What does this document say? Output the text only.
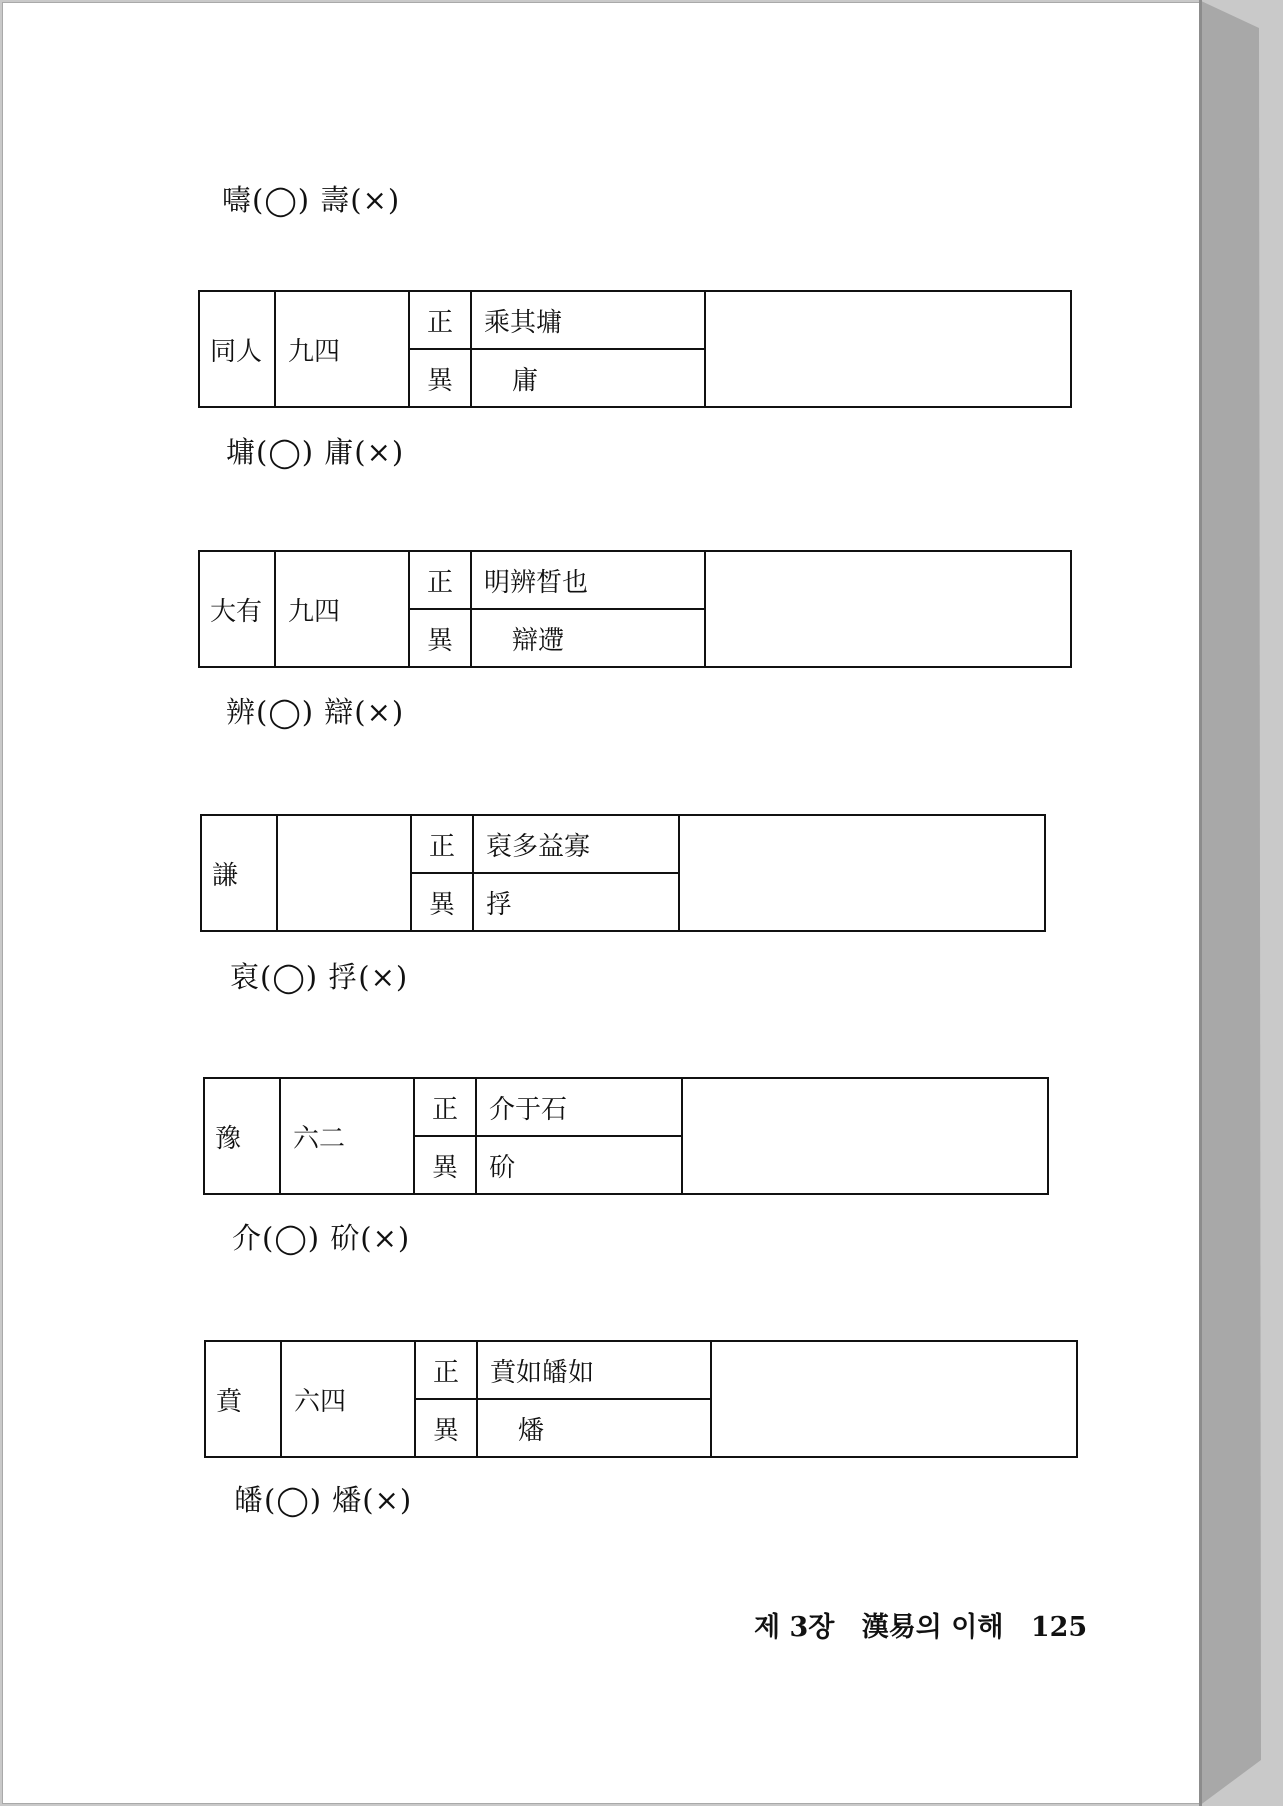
嚋(◯) 壽(×)
同人	九四	正	乘其墉	
		異	庸	
墉(◯) 庸(×)
大有	九四	正	明辨晳也	
		異	辯遰	
辨(◯) 辯(×)
謙		正	裒多益寡	
		異	捊	
裒(◯) 捊(×)
豫	六二	正	介于石	
		異	砎	
介(◯) 砎(×)
賁	六四	正	賁如皤如	
		異	燔	
皤(◯) 燔(×)
제 3장 漢易의 이해 125
